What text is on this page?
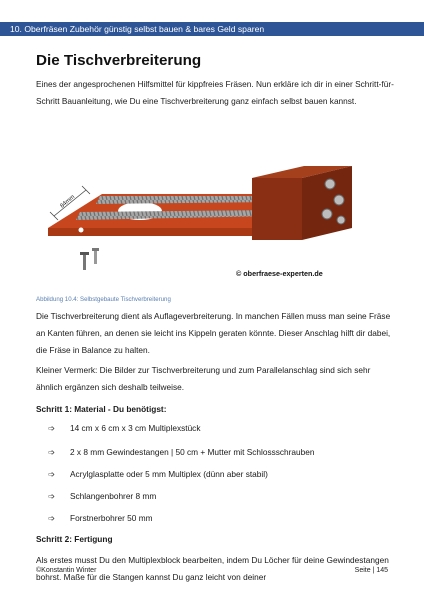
10. Oberfräsen Zubehör günstig selbst bauen & bares Geld sparen
Die Tischverbreiterung
Eines der angesprochenen Hilfsmittel für kippfreies Fräsen. Nun erkläre ich dir in einer Schritt-für-Schritt Bauanleitung, wie Du eine Tischverbreiterung ganz einfach selbst bauen kannst.
84mm
© oberfraese-experten.de
Abbildung 10.4: Selbstgebaute Tischverbreiterung
Die Tischverbreiterung dient als Auflageverbreiterung. In manchen Fällen muss man seine Fräse an Kanten führen, an denen sie leicht ins Kippeln geraten könnte. Dieser Anschlag hilft dir dabei, die Fräse in Balance zu halten.
Kleiner Vermerk: Die Bilder zur Tischverbreiterung und zum Parallelanschlag sind sich sehr ähnlich ergänzen sich deshalb teilweise.
Schritt 1: Material - Du benötigst:
➩ 14 cm x 6 cm x 3 cm Multiplexstück
➩ 2 x 8 mm Gewindestangen | 50 cm + Mutter mit Schlossschrauben
➩ Acrylglasplatte oder 5 mm Multiplex (dünn aber stabil)
➩ Schlangenbohrer 8 mm
➩ Forstnerbohrer 50 mm
Schritt 2: Fertigung
Als erstes musst Du den Multiplexblock bearbeiten, indem Du Löcher für deine Gewindestangen bohrst. Maße für die Stangen kannst Du ganz leicht von deiner
©Konstantin Winter	Seite | 145
